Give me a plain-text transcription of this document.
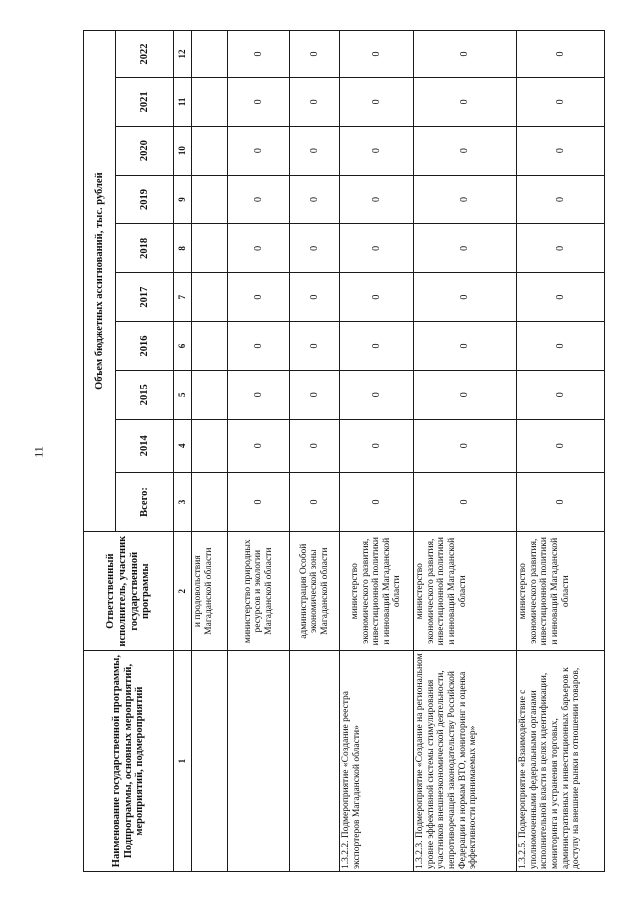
11
Наименование государственной программы, Подпрограммы, основных мероприятий, мероприятий, подмероприятий	Ответственный исполнитель, участник государственной программы	Объем бюджетных ассигнований, тыс. рублей									
		Всего:	2014	2015	2016	2017	2018	2019	2020	2021	2022
1	2	3	4	5	6	7	8	9	10	11	12
	и продовольствия Магаданской области										
	министерство природных ресурсов и экологии Магаданской области	0	0	0	0	0	0	0	0	0	0
	администрация Особой экономической зоны Магаданской области	0	0	0	0	0	0	0	0	0	0
1.3.2.2. Подмероприятие «Создание реестра экспортеров Магаданской области»	министерство экономического развития, инвестиционной политики и инноваций Магаданской области	0	0	0	0	0	0	0	0	0	0
1.3.2.3. Подмероприятие «Создание на региональном уровне эффективной системы стимулирования участников внешнеэкономической деятельности, непротиворечащей законодательству Российской Федерации и нормам ВТО, мониторинг и оценка эффективности принимаемых мер»	министерство экономического развития, инвестиционной политики и инноваций Магаданской области	0	0	0	0	0	0	0	0	0	0
1.3.2.5. Подмероприятие «Взаимодействие с уполномоченными федеральными органами исполнительной власти в целях идентификации, мониторинга и устранения торговых, административных и инвестиционных барьеров к доступу на внешние рынки в отношении товаров,	министерство экономического развития, инвестиционной политики и инноваций Магаданской области	0	0	0	0	0	0	0	0	0	0
